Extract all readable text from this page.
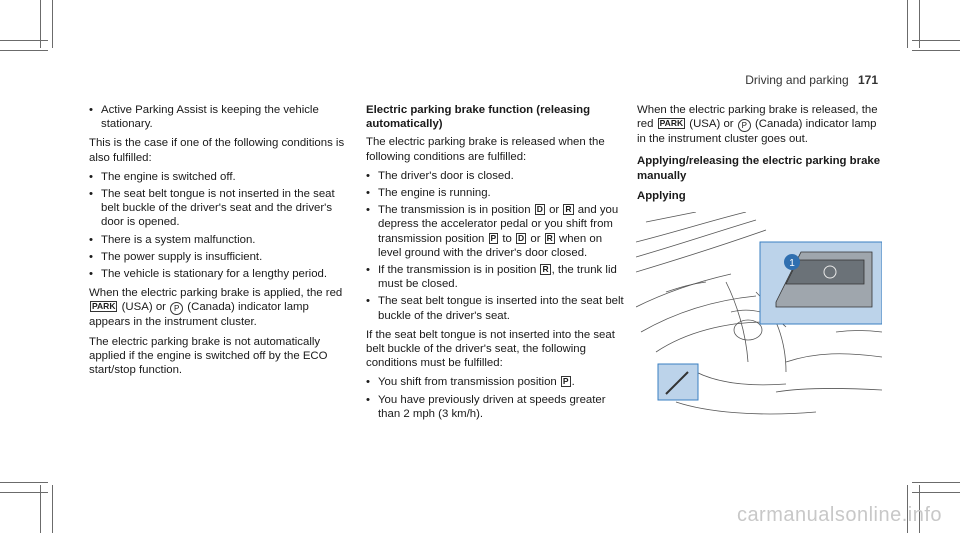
Driving and parking 171
• Active Parking Assist is keeping the vehicle stationary.

This is the case if one of the following conditions is also fulfilled:

• The engine is switched off.
• The seat belt tongue is not inserted in the seat belt buckle of the driver's seat and the driver's door is opened.
• There is a system malfunction.
• The power supply is insufficient.
• The vehicle is stationary for a lengthy period.

When the electric parking brake is applied, the red PARK (USA) or P (Canada) indicator lamp appears in the instrument cluster.

The electric parking brake is not automatically applied if the engine is switched off by the ECO start/stop function.

Electric parking brake function (releasing automatically)

The electric parking brake is released when the following conditions are fulfilled:

• The driver's door is closed.
• The engine is running.
• The transmission is in position D or R and you depress the accelerator pedal or you shift from transmission position P to D or R when on level ground with the driver's door closed.
• If the transmission is in position R , the trunk lid must be closed.
• The seat belt tongue is inserted into the seat belt buckle of the driver's seat.

If the seat belt tongue is not inserted into the seat belt buckle of the driver's seat, the following conditions must be fulfilled:

• You shift from transmission position P .
• You have previously driven at speeds greater than 2 mph (3 km/h).

When the electric parking brake is released, the red PARK (USA) or P (Canada) indicator lamp in the instrument cluster goes out.

Applying/releasing the electric parking brake manually

Applying

1
carmanualsonline.info
